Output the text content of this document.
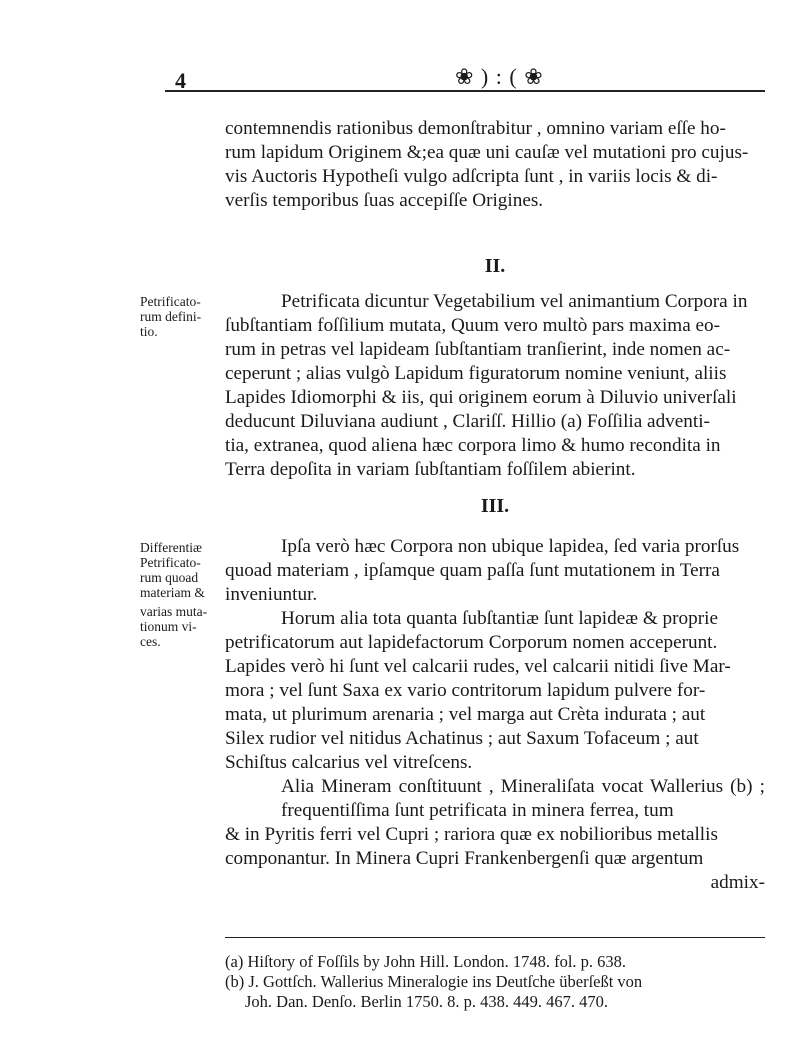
4	❀ ) : ( ❀
contemnendis rationibus demonſtrabitur , omnino variam eſſe ho-
rum lapidum Originem &;ea quæ uni cauſæ vel mutationi pro cujus-
vis Auctoris Hypotheſi vulgo adſcripta ſunt , in variis locis & di-
verſis temporibus ſuas accepiſſe Origines.
II.
Petrificato-
rum defini-
tio.
Petrificata dicuntur Vegetabilium vel animantium Corpora in
ſubſtantiam foſſilium mutata, Quum vero multò pars maxima eo-
rum in petras vel lapideam ſubſtantiam tranſierint, inde nomen ac-
ceperunt ; alias vulgò Lapidum figuratorum nomine veniunt, aliis
Lapides Idiomorphi & iis, qui originem eorum à Diluvio univerſali
deducunt Diluviana audiunt , Clariſſ. Hillio (a) Foſſilia adventi-
tia, extranea, quod aliena hæc corpora limo & humo recondita in
Terra depoſita in variam ſubſtantiam foſſilem abierint.
III.
Differentiæ
Petrificato-
rum quoad
materiam &
varias muta-
tionum vi-
ces.
Ipſa verò hæc Corpora non ubique lapidea, ſed varia prorſus
quoad materiam , ipſamque quam paſſa ſunt mutationem in Terra
inveniuntur.
Horum alia tota quanta ſubſtantiæ ſunt lapideæ & proprie
petrificatorum aut lapidefactorum Corporum nomen acceperunt.
Lapides verò hi ſunt vel calcarii rudes, vel calcarii nitidi ſive Mar-
mora ; vel ſunt Saxa ex vario contritorum lapidum pulvere for-
mata, ut plurimum arenaria ; vel marga aut Crèta indurata ; aut
Silex rudior vel nitidus Achatinus ; aut Saxum Tofaceum ; aut
Schiſtus calcarius vel vitreſcens.
Alia Mineram conſtituunt , Mineraliſata vocat Wallerius (b) ; frequentiſſima ſunt petrificata in minera ferrea, tum
& in Pyritis ferri vel Cupri ; rariora quæ ex nobilioribus metallis
componantur. In Minera Cupri Frankenbergenſi quæ argentum
admix-
(a) Hiſtory of Foſſils by John Hill. London. 1748. fol. p. 638.
(b) J. Gottſch. Wallerius Mineralogie ins Deutſche überſeßt von
Joh. Dan. Denſo. Berlin 1750. 8. p. 438. 449. 467. 470.
